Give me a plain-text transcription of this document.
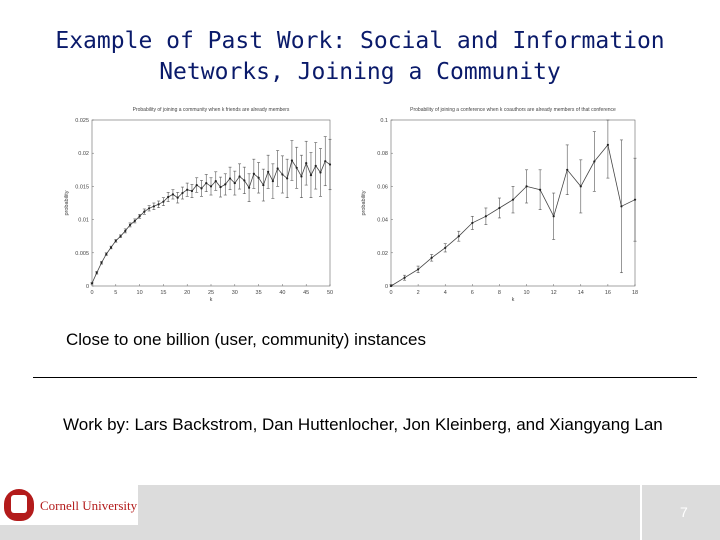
Example of Past Work: Social and Information
Networks, Joining a Community
Probability of joining a community when k friends are already members
0	5	10	15	20	25	30	35	40	45	50
0
0.005
0.01
0.015
0.02
0.025
k
probability
Probability of joining a conference when k coauthors are already members of that conference
0	2	4	6	8	10	12	14	16	18
0
0.02
0.04
0.06
0.08
0.1
k
probability
Close to one billion (user, community) instances
Work by: Lars Backstrom, Dan Huttenlocher, Jon Kleinberg, and Xiangyang Lan
Cornell University	7
